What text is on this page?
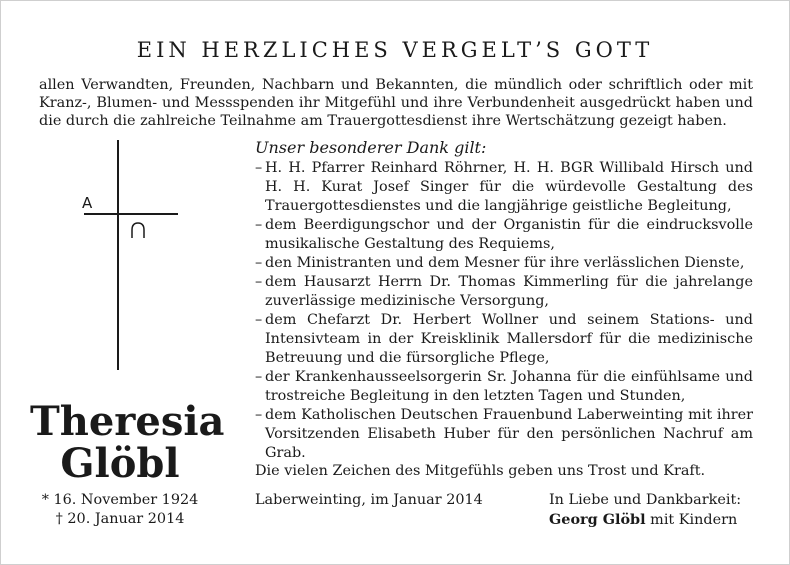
EIN HERZLICHES VERGELT’S GOTT

allen Verwandten, Freunden, Nachbarn und Bekannten, die mündlich oder schriftlich oder mit Kranz-, Blumen- und Messspenden ihr Mitgefühl und ihre Verbundenheit ausgedrückt haben und die durch die zahlreiche Teilnahme am Trauergottesdienst ihre Wertschätzung gezeigt haben.

A
Theresia
Glöbl
* 16. November 1924
† 20. Januar 2014
Unser besonderer Dank gilt:
– H. H. Pfarrer Reinhard Röhrner, H. H. BGR Willibald Hirsch und H. H. Kurat Josef Singer für die würdevolle Gestaltung des Trauergottesdienstes und die langjährige geistliche Begleitung,
– dem Beerdigungschor und der Organistin für die eindrucksvolle musikalische Gestaltung des Requiems,
– den Ministranten und dem Mesner für ihre verlässlichen Dienste,
– dem Hausarzt Herrn Dr. Thomas Kimmerling für die jahrelange zuverlässige medizinische Versorgung,
– dem Chefarzt Dr. Herbert Wollner und seinem Stations- und Intensivteam in der Kreisklinik Mallersdorf für die medizinische Betreuung und die fürsorgliche Pflege,
– der Krankenhausseelsorgerin Sr. Johanna für die einfühlsame und trostreiche Begleitung in den letzten Tagen und Stunden,
– dem Katholischen Deutschen Frauenbund Laberweinting mit ihrer Vorsitzenden Elisabeth Huber für den persönlichen Nachruf am Grab.
Die vielen Zeichen des Mitgefühls geben uns Trost und Kraft.
Laberweinting, im Januar 2014	In Liebe und Dankbarkeit:
Georg Glöbl mit Kindern
